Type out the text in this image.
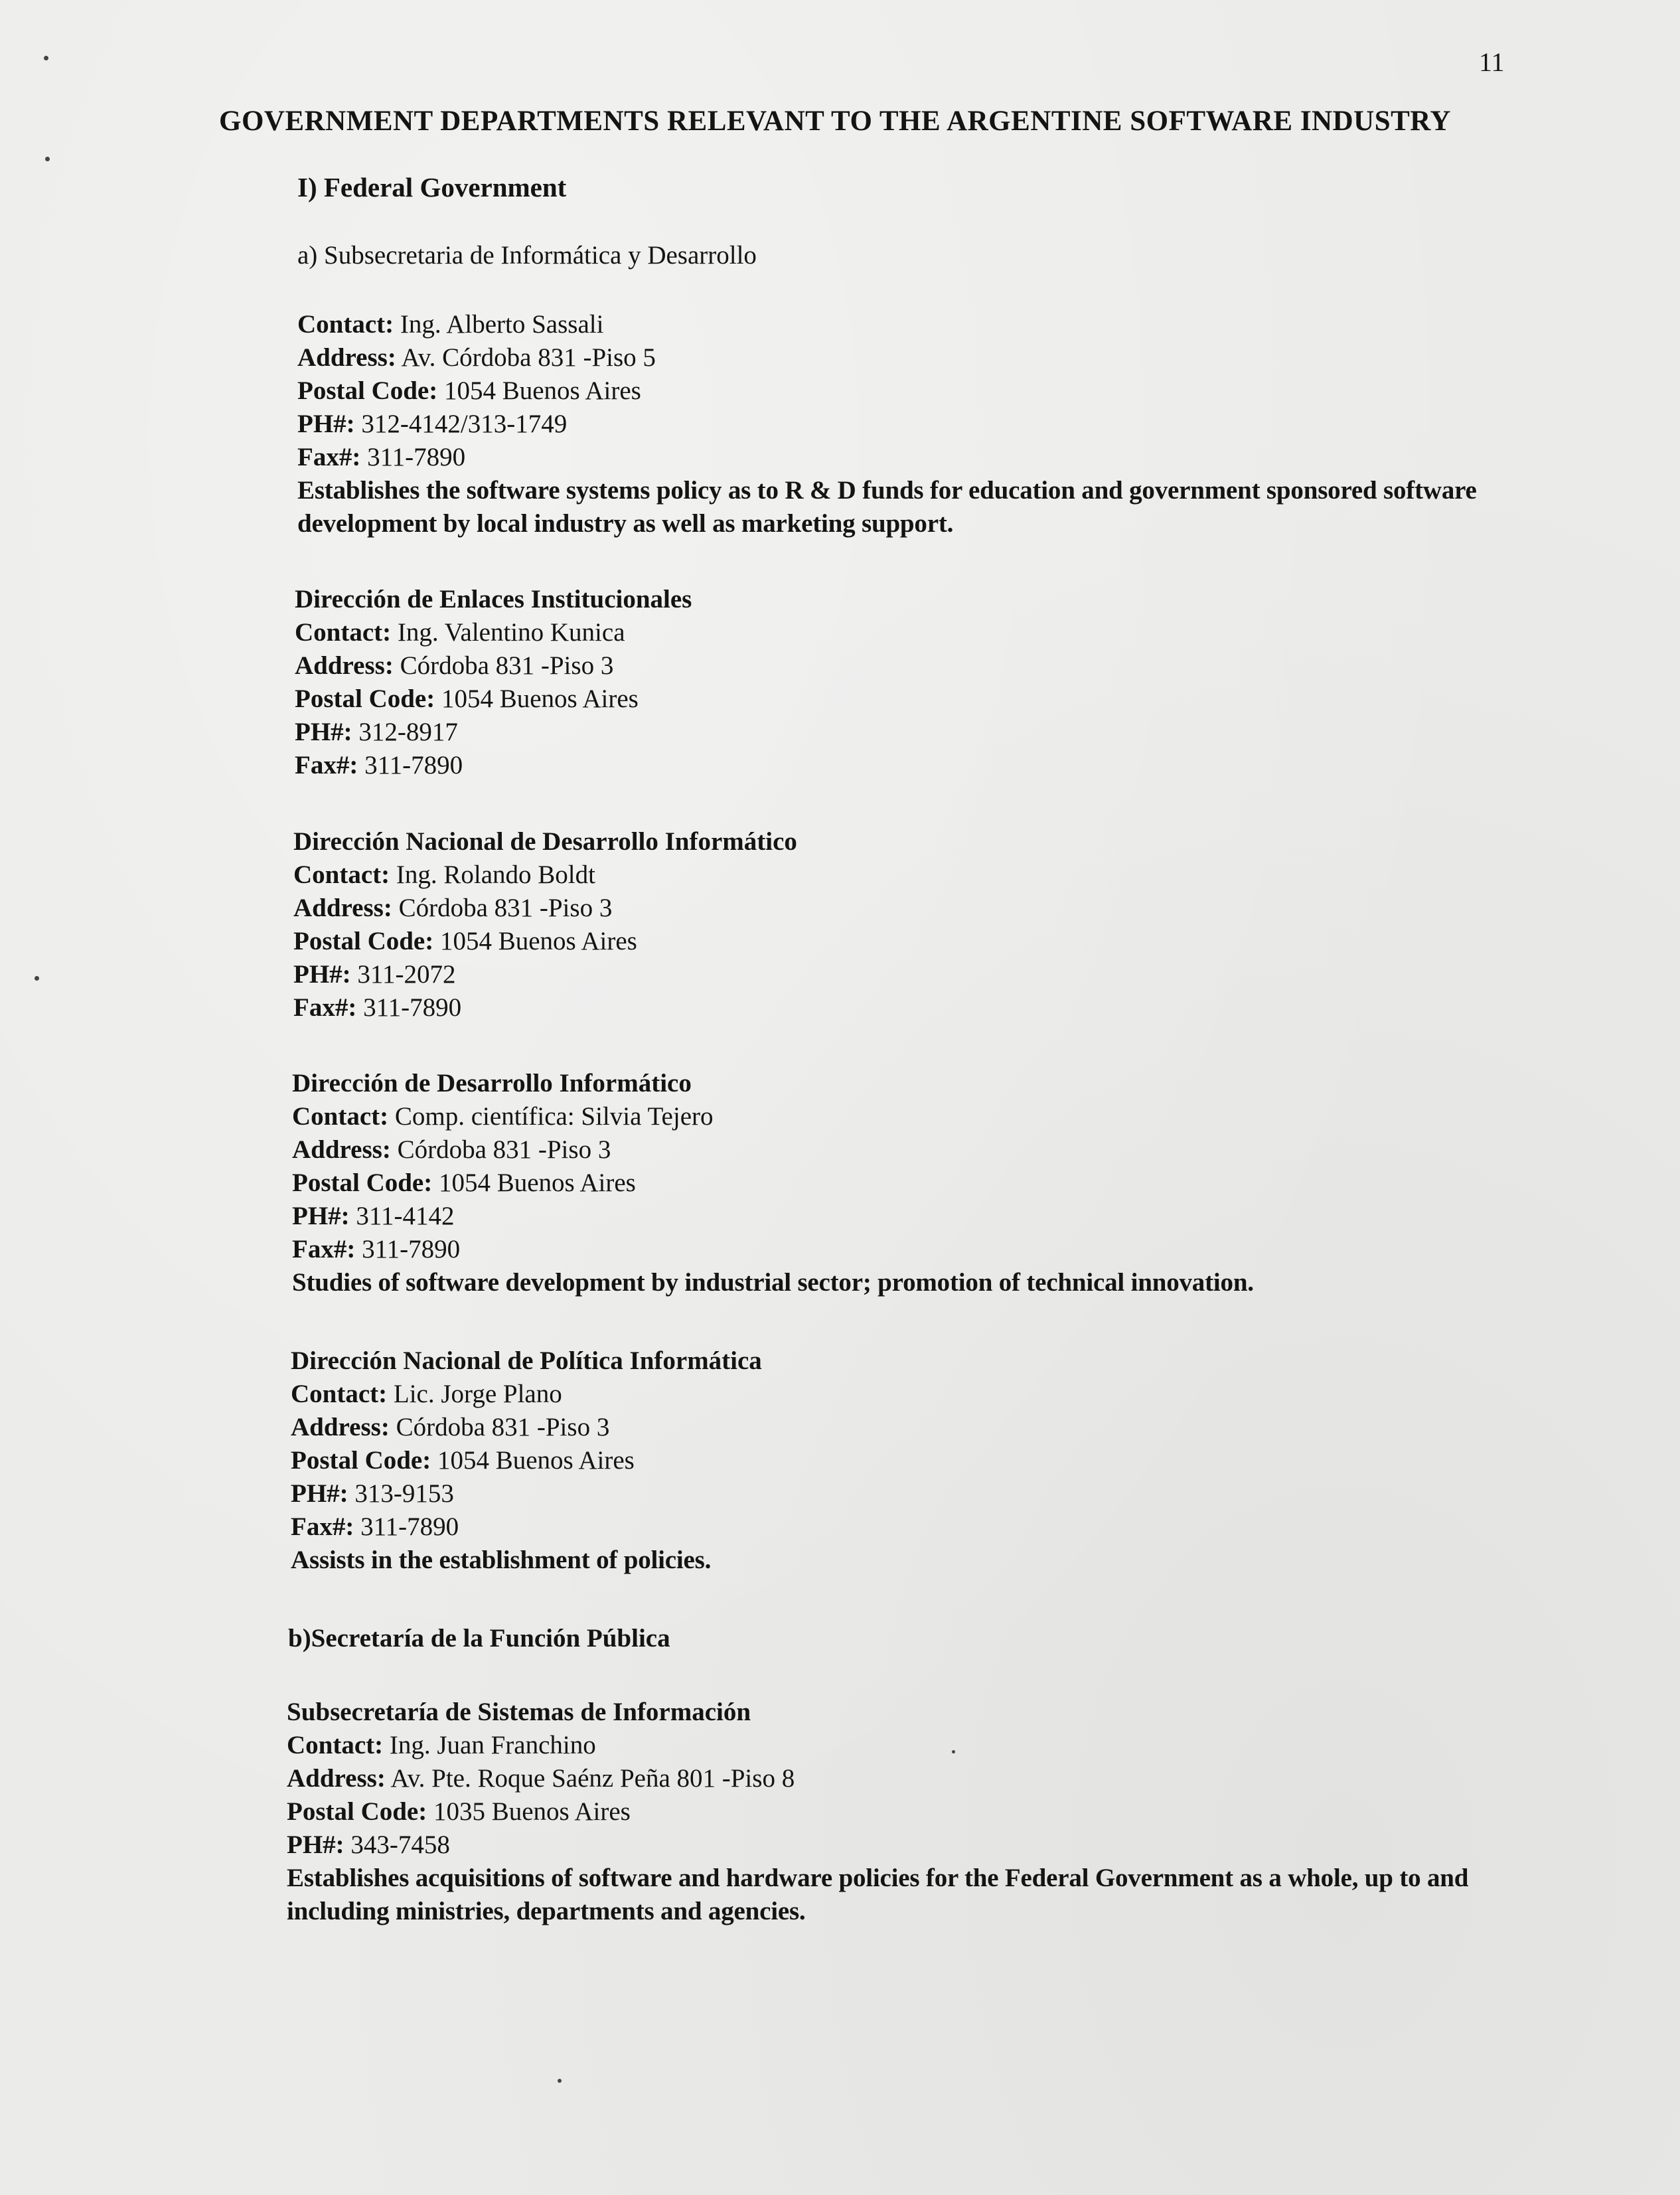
11
GOVERNMENT DEPARTMENTS RELEVANT TO THE ARGENTINE SOFTWARE INDUSTRY
I) Federal Government
a) Subsecretaria de Informática y Desarrollo
Contact: Ing. Alberto Sassali
Address: Av. Córdoba 831 -Piso 5
Postal Code: 1054 Buenos Aires
PH#: 312-4142/313-1749
Fax#: 311-7890
Establishes the software systems policy as to R & D funds for education and government sponsored software development by local industry as well as marketing support.
Dirección de Enlaces Institucionales
Contact: Ing. Valentino Kunica
Address: Córdoba 831 -Piso 3
Postal Code: 1054 Buenos Aires
PH#: 312-8917
Fax#: 311-7890
Dirección Nacional de Desarrollo Informático
Contact: Ing. Rolando Boldt
Address: Córdoba 831 -Piso 3
Postal Code: 1054 Buenos Aires
PH#: 311-2072
Fax#: 311-7890
Dirección de Desarrollo Informático
Contact: Comp. científica: Silvia Tejero
Address: Córdoba 831 -Piso 3
Postal Code: 1054 Buenos Aires
PH#: 311-4142
Fax#: 311-7890
Studies of software development by industrial sector; promotion of technical innovation.
Dirección Nacional de Política Informática
Contact: Lic. Jorge Plano
Address: Córdoba 831 -Piso 3
Postal Code: 1054 Buenos Aires
PH#: 313-9153
Fax#: 311-7890
Assists in the establishment of policies.
b)Secretaría de la Función Pública
Subsecretaría de Sistemas de Información
Contact: Ing. Juan Franchino
Address: Av. Pte. Roque Saénz Peña 801 -Piso 8
Postal Code: 1035 Buenos Aires
PH#: 343-7458
Establishes acquisitions of software and hardware policies for the Federal Government as a whole, up to and including ministries, departments and agencies.
